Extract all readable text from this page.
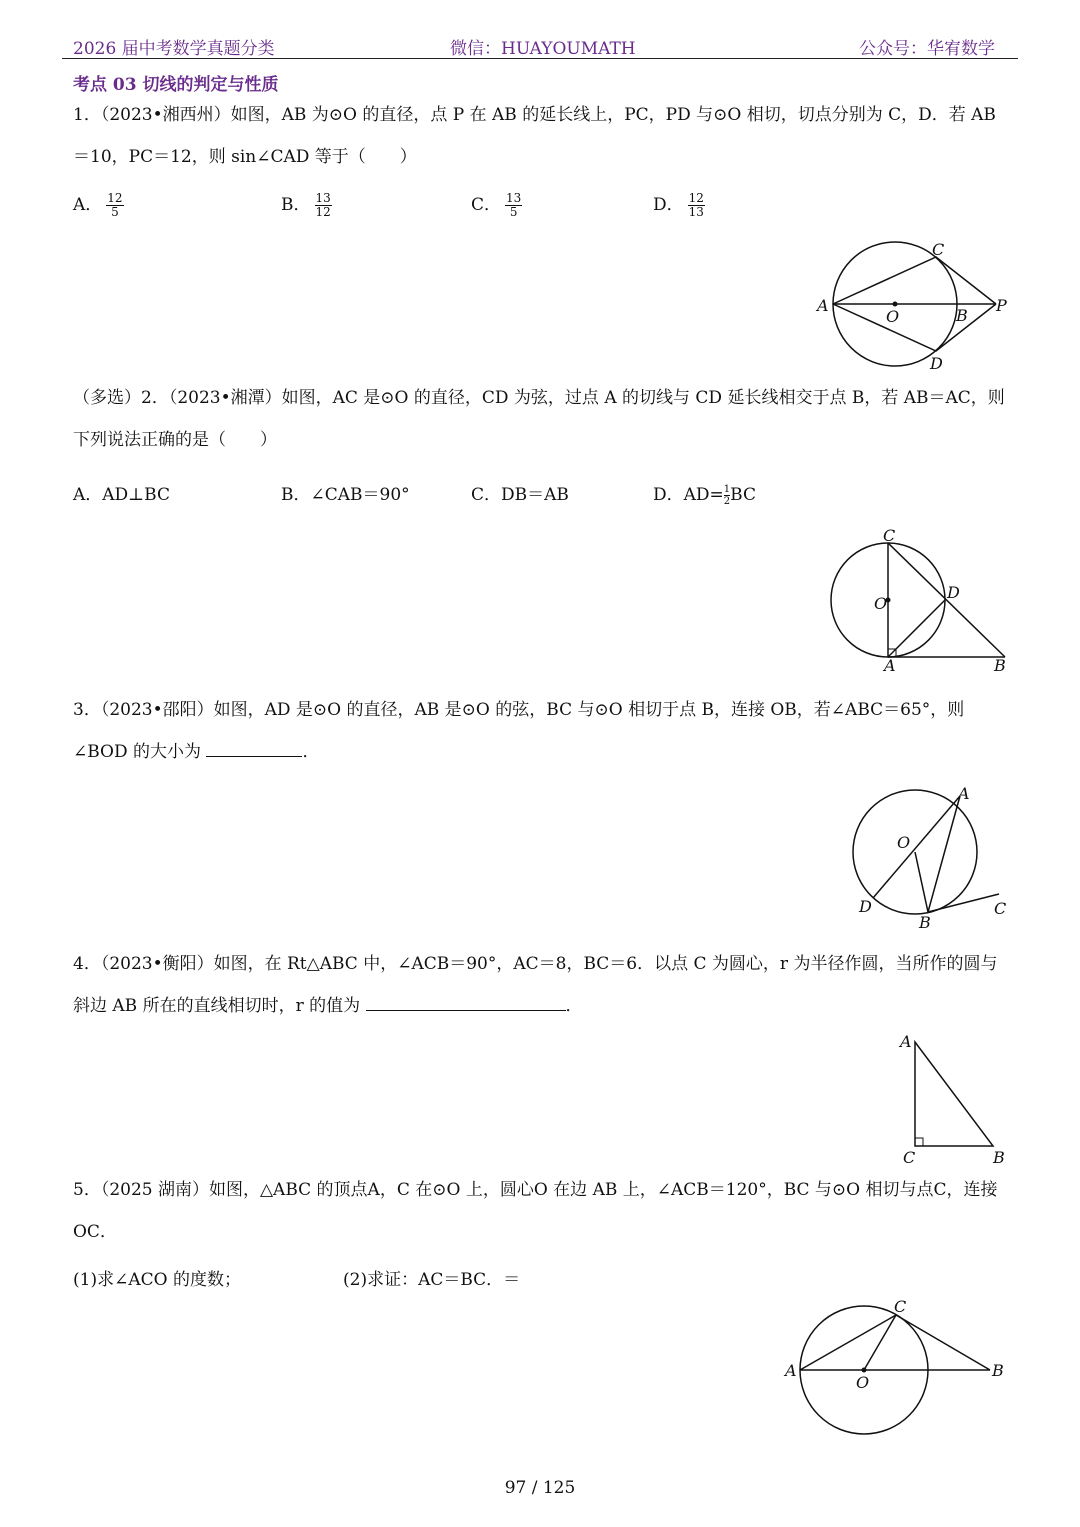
2026 届中考数学真题分类	微信：HUAYOUMATH	公众号：华宥数学
考点 03 切线的判定与性质
1．（2023•湘西州）如图，AB 为⊙O 的直径，点 P 在 AB 的延长线上，PC，PD 与⊙O 相切，切点分别为 C，D．若 AB＝10，PC＝12，则 sin∠CAD 等于（　　）
A． $\frac{12}{5}$	B． $\frac{13}{12}$	C． $\frac{13}{5}$	D． $\frac{12}{13}$
A
O	B
P
C
D
（多选）2．（2023•湘潭）如图，AC 是⊙O 的直径，CD 为弦，过点 A 的切线与 CD 延长线相交于点 B，若 AB＝AC，则下列说法正确的是（　　）
A．AD⊥BC	B．∠CAB＝90°	C．DB＝AB	D．$AD= \frac{1}{2}BC$
C
O
D
A	B
3．（2023•邵阳）如图，AD 是⊙O 的直径，AB 是⊙O 的弦，BC 与⊙O 相切于点 B，连接 OB，若∠ABC＝65°，则∠BOD 的大小为	．
A
O
D
B
C
4．（2023•衡阳）如图，在 Rt△ABC 中，∠ACB＝90°，AC＝8，BC＝6．以点 C 为圆心，r 为半径作圆，当所作的圆与斜边 AB 所在的直线相切时，r 的值为	．
A
C	B
5．（2025 湖南）如图，△ABC 的顶点A，C 在⊙O 上，圆心O 在边 AB 上，∠ACB＝120°，BC 与⊙O 相切与点C，连接 OC．
(1)求∠ACO 的度数；	(2)求证：AC＝BC．＝
A
O
B
C
97 / 125
